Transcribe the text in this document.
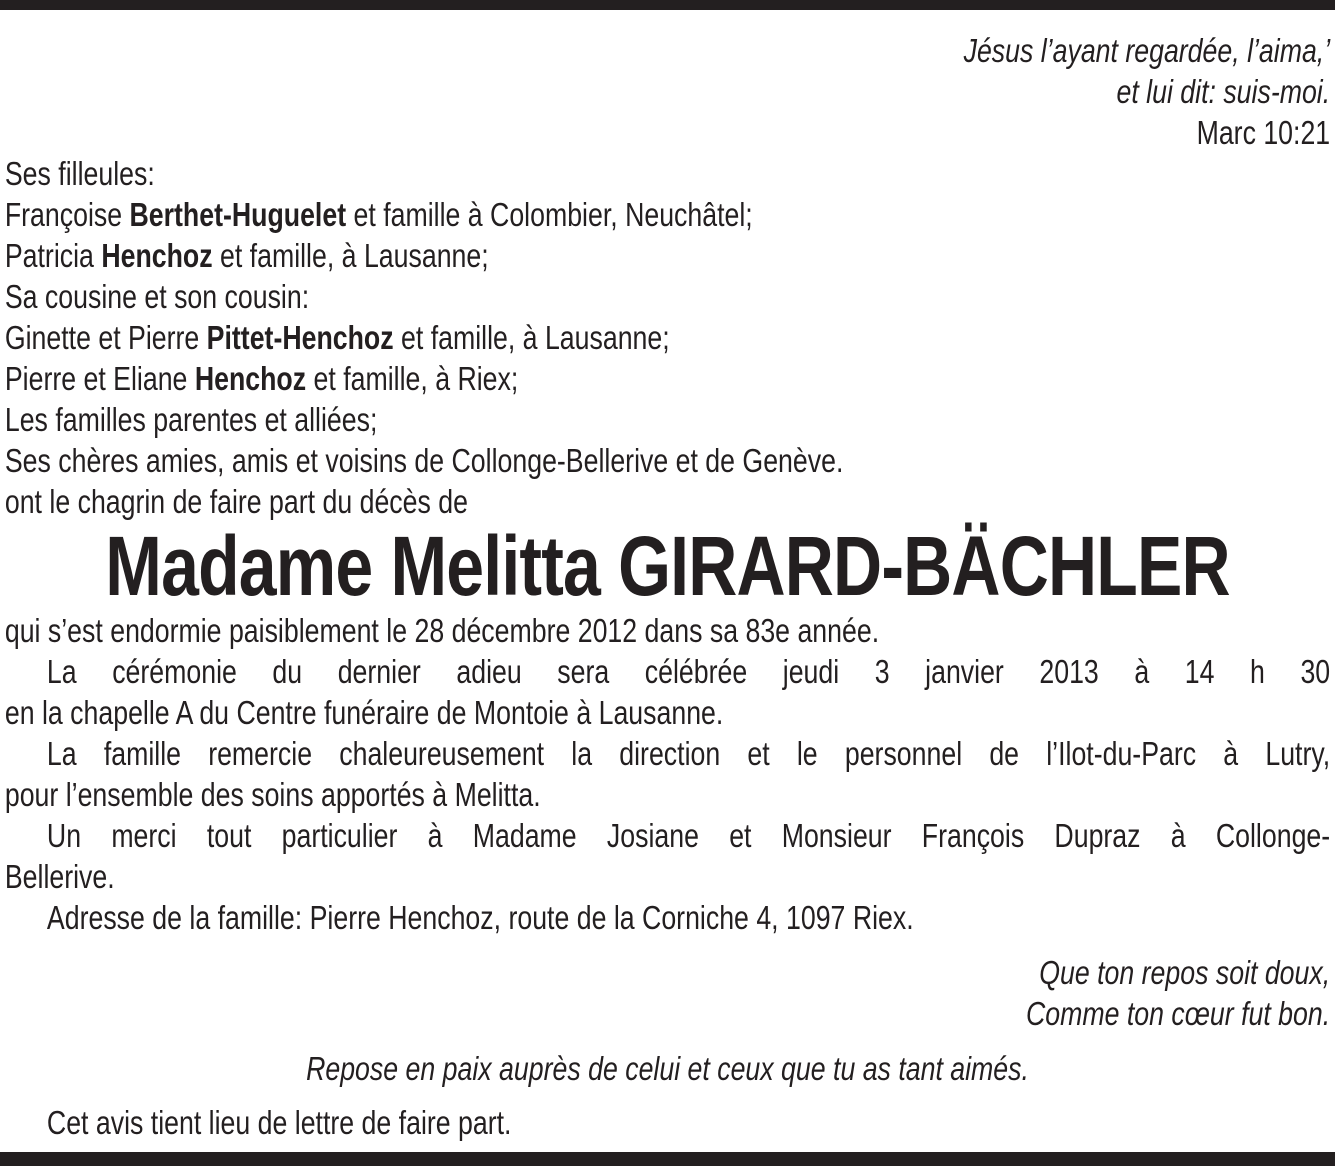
Jésus l’ayant regardée, l’aima,’
et lui dit: suis-moi.
Marc 10:21
Ses filleules:
Françoise Berthet-Huguelet et famille à Colombier, Neuchâtel;
Patricia Henchoz et famille, à Lausanne;
Sa cousine et son cousin:
Ginette et Pierre Pittet-Henchoz et famille, à Lausanne;
Pierre et Eliane Henchoz et famille, à Riex;
Les familles parentes et alliées;
Ses chères amies, amis et voisins de Collonge-Bellerive et de Genève.
ont le chagrin de faire part du décès de
Madame Melitta GIRARD-BÄCHLER
qui s’est endormie paisiblement le 28 décembre 2012 dans sa 83e année.
La cérémonie du dernier adieu sera célébrée jeudi 3 janvier 2013 à 14 h 30
en la chapelle A du Centre funéraire de Montoie à Lausanne.
La famille remercie chaleureusement la direction et le personnel de l’Ilot-du-Parc à Lutry,
pour l’ensemble des soins apportés à Melitta.
Un merci tout particulier à Madame Josiane et Monsieur François Dupraz à Collonge-
Bellerive.
Adresse de la famille: Pierre Henchoz, route de la Corniche 4, 1097 Riex.
Que ton repos soit doux,
Comme ton cœur fut bon.
Repose en paix auprès de celui et ceux que tu as tant aimés.
Cet avis tient lieu de lettre de faire part.
